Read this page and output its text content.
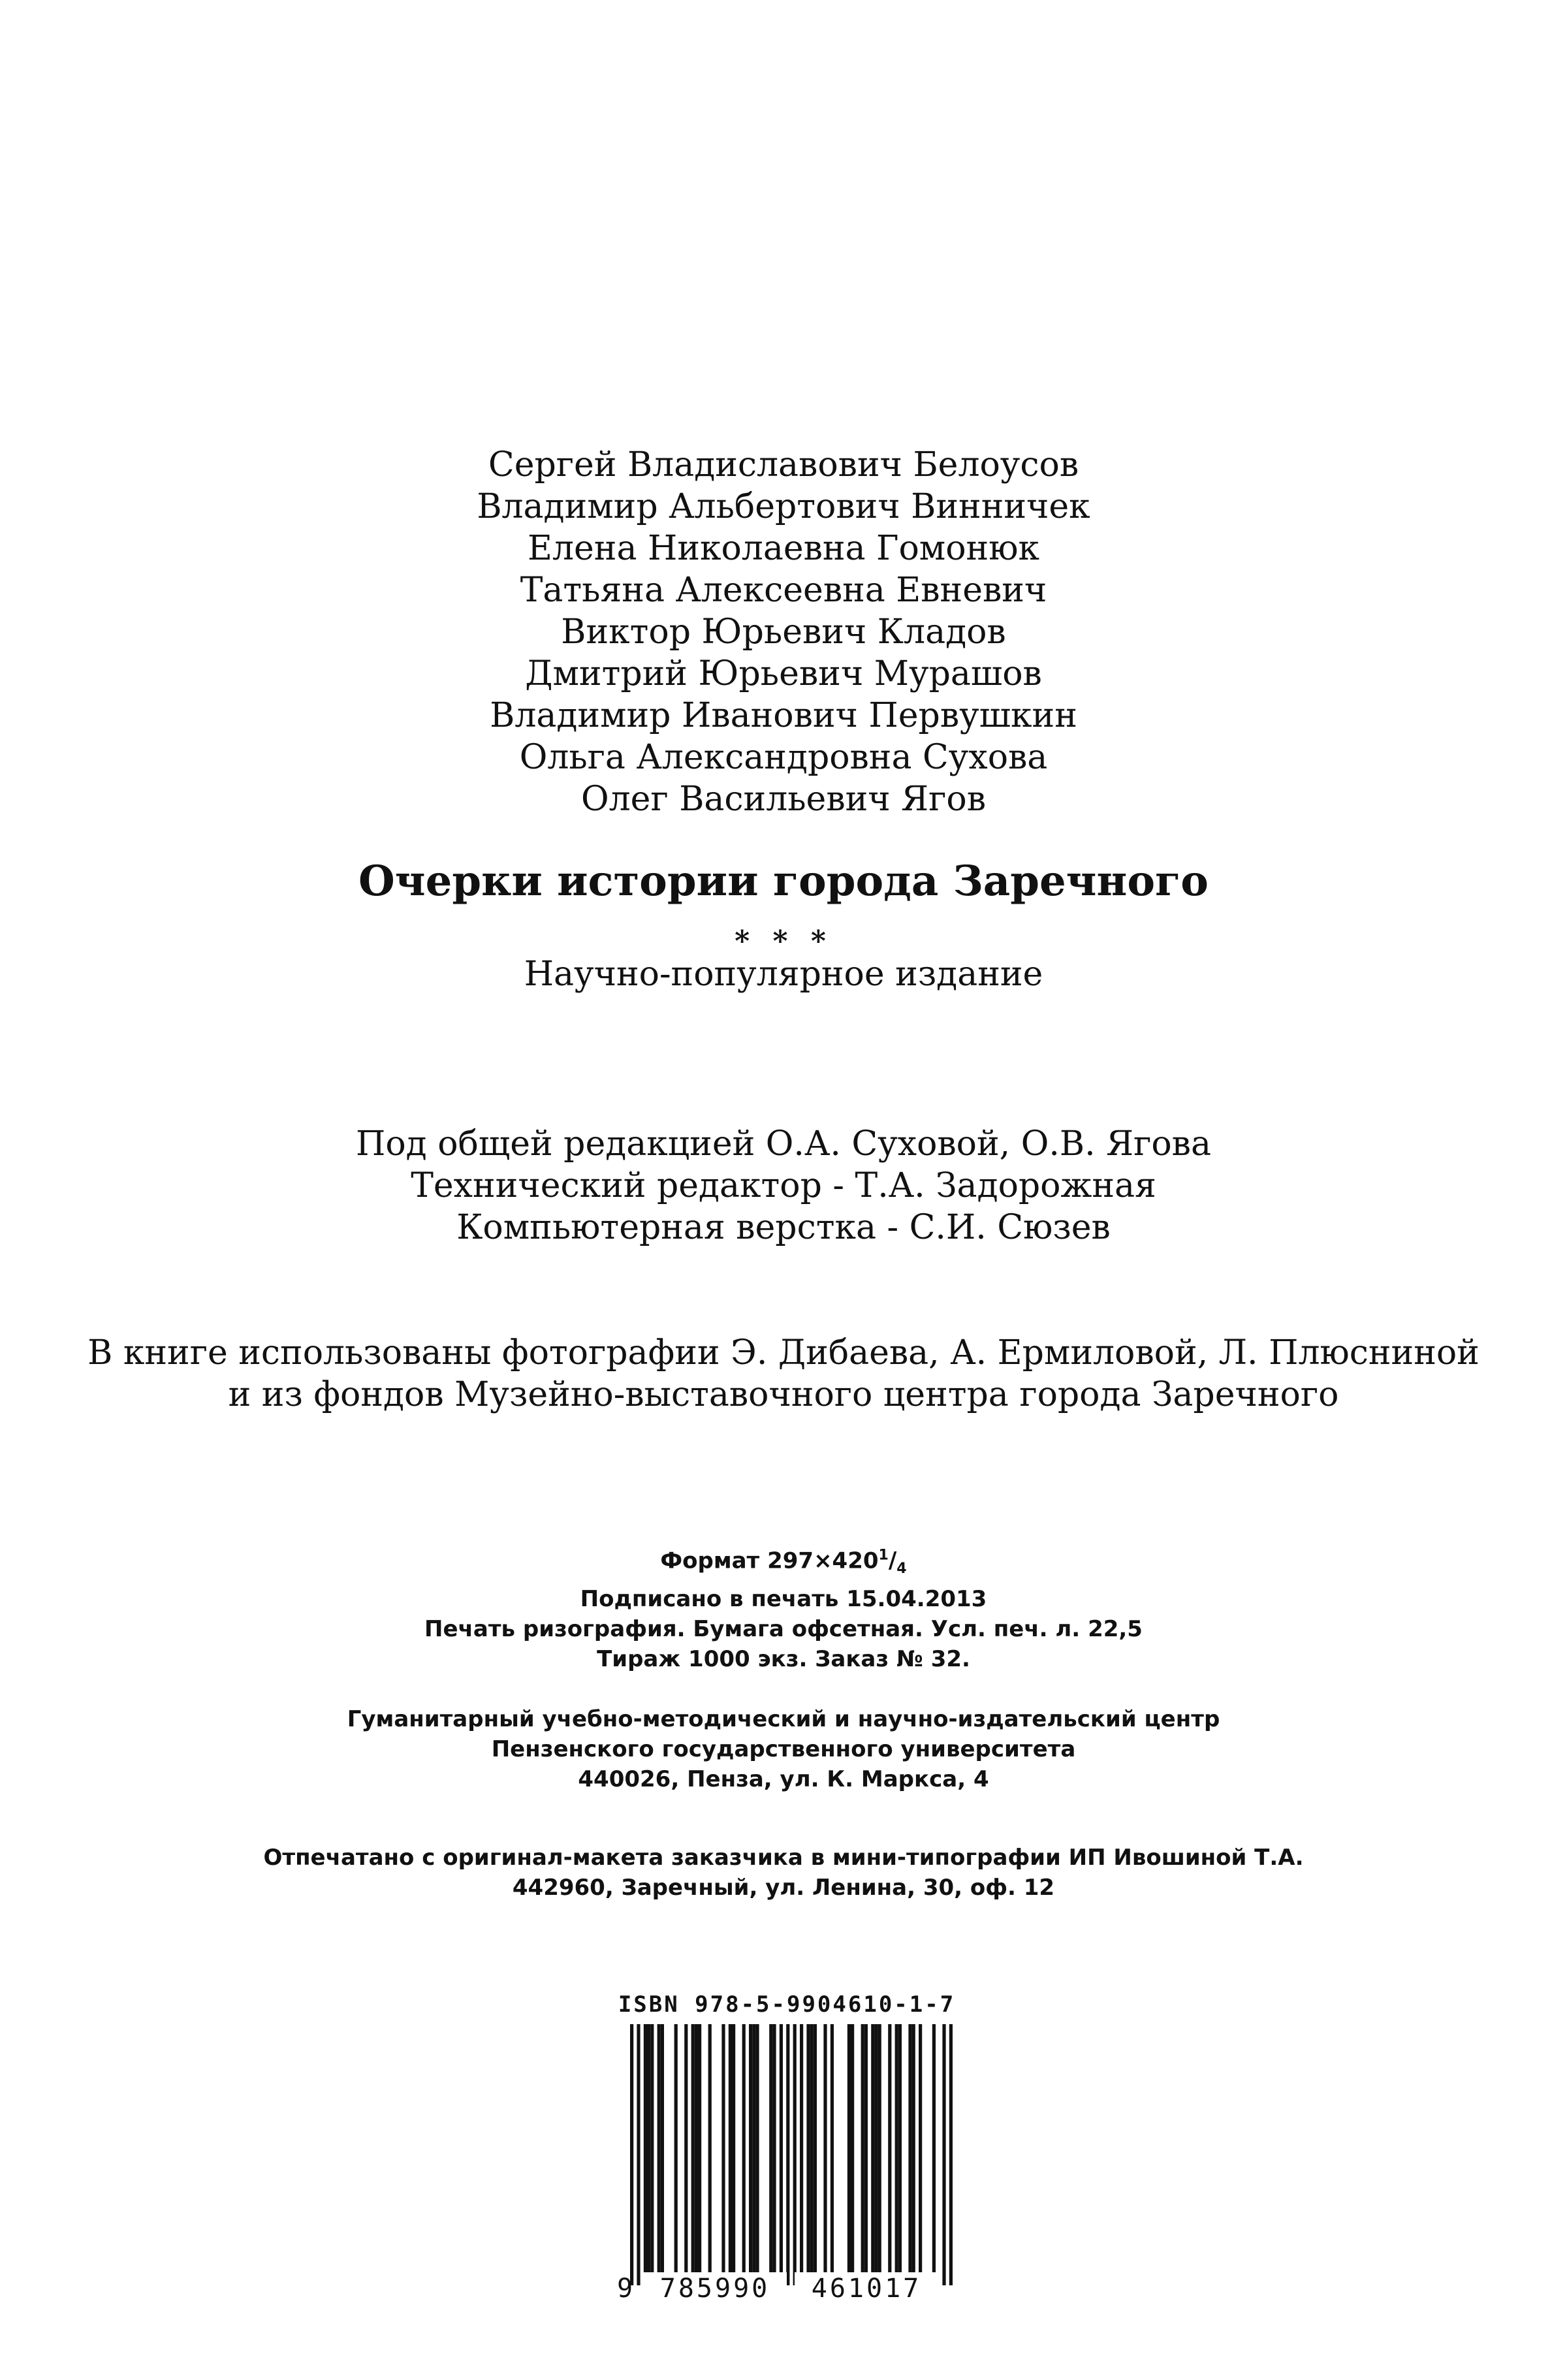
Сергей Владиславович Белоусов
Владимир Альбертович Винничек
Елена Николаевна Гомонюк
Татьяна Алексеевна Евневич
Виктор Юрьевич Кладов
Дмитрий Юрьевич Мурашов
Владимир Иванович Первушкин
Ольга Александровна Сухова
Олег Васильевич Ягов
Очерки истории города Заречного
* * *
Научно-популярное издание
Под общей редакцией О.А. Суховой, О.В. Ягова
Технический редактор - Т.А. Задорожная
Компьютерная верстка - С.И. Сюзев
В книге использованы фотографии Э. Дибаева, А. Ермиловой, Л. Плюсниной
и из фондов Музейно-выставочного центра города Заречного
Формат $297\times 420^1/_4$
Подписано в печать 15.04.2013
Печать ризография. Бумага офсетная. Усл. печ. л. 22,5
Тираж 1000 экз. Заказ № 32.
Гуманитарный учебно-методический и научно-издательский центр
Пензенского государственного университета
440026, Пенза, ул. К. Маркса, 4
Отпечатано с оригинал-макета заказчика в мини-типографии ИП Ивошиной Т.А.
442960, Заречный, ул. Ленина, 30, оф. 12
ISBN 978-5-9904610-1-7
9	785990	461017
